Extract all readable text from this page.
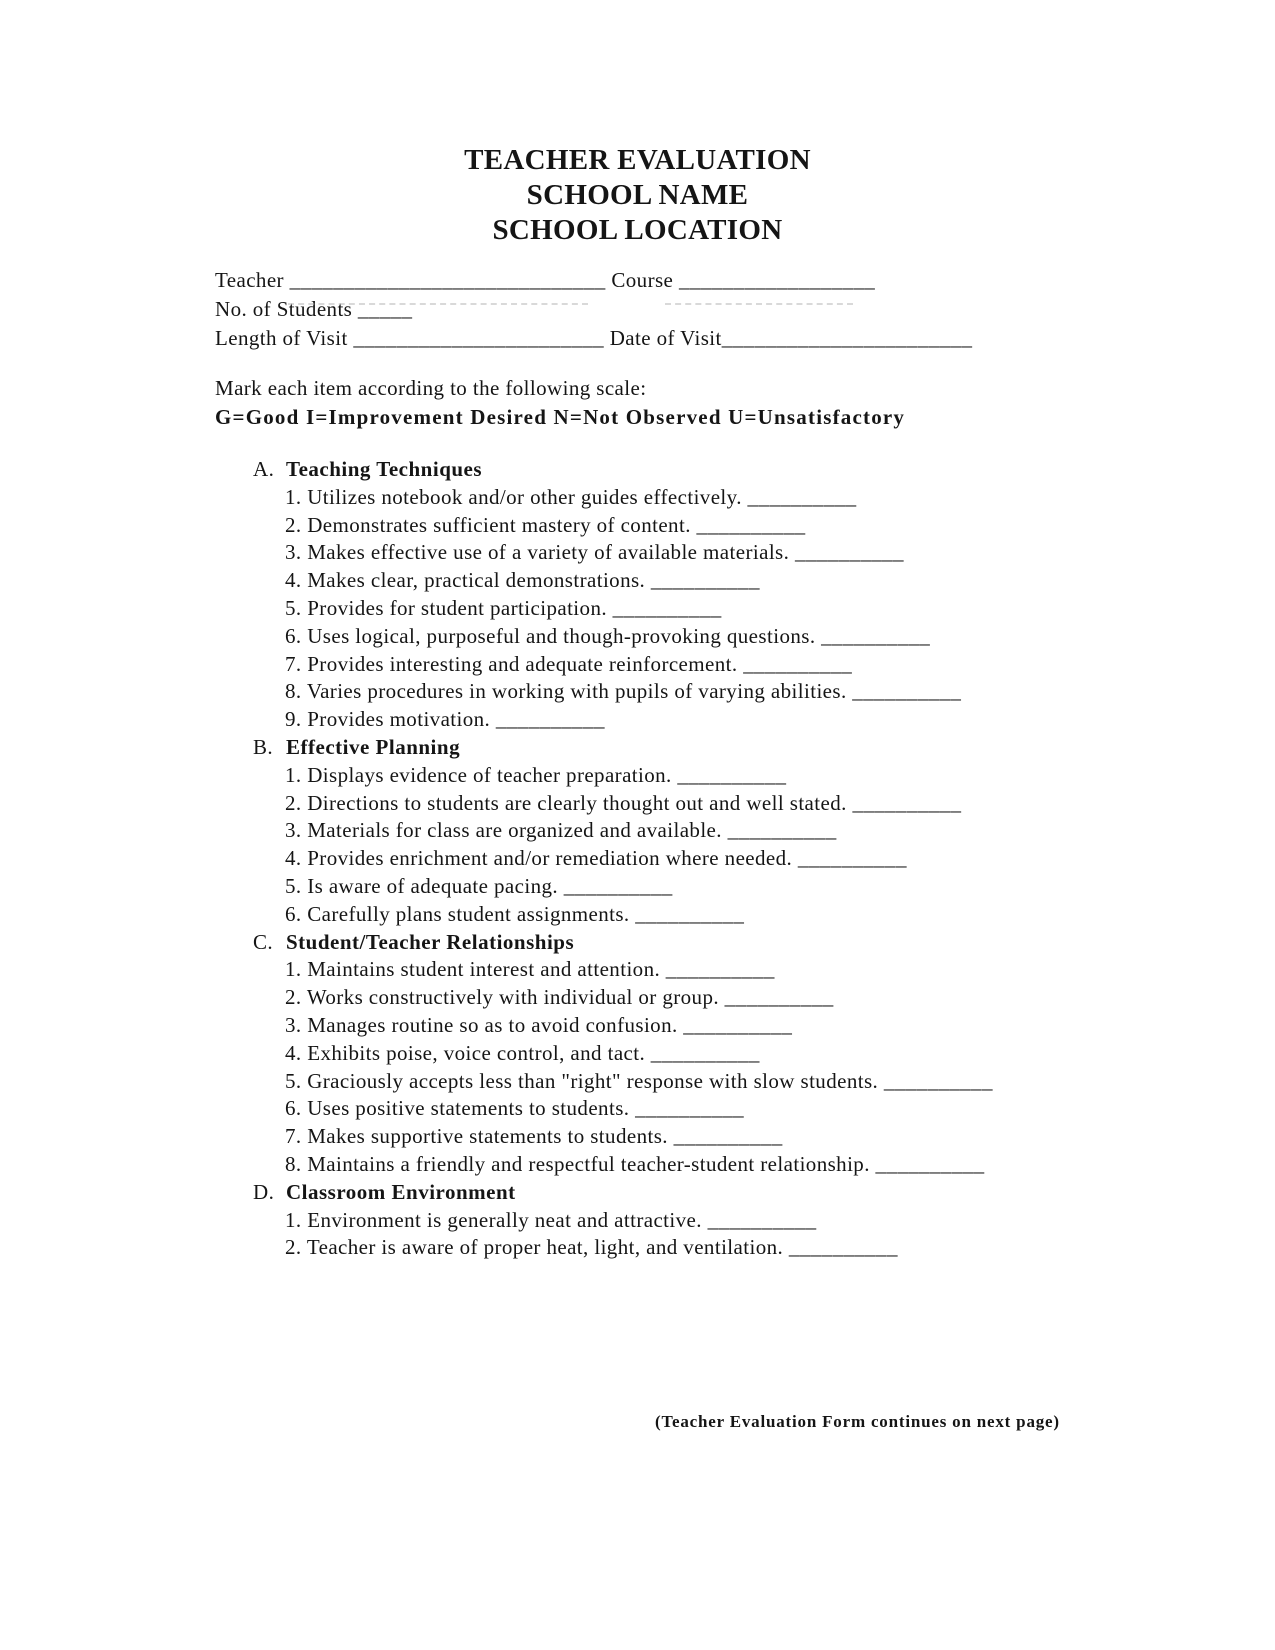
TEACHER EVALUATION
SCHOOL NAME
SCHOOL LOCATION
Teacher _____________________________ Course __________________
No. of Students _____
Length of Visit _______________________ Date of Visit_______________________
Mark each item according to the following scale:
G=Good I=Improvement Desired N=Not Observed U=Unsatisfactory
A. Teaching Techniques
1. Utilizes notebook and/or other guides effectively. __________
2. Demonstrates sufficient mastery of content. __________
3. Makes effective use of a variety of available materials. __________
4. Makes clear, practical demonstrations. __________
5. Provides for student participation. __________
6. Uses logical, purposeful and though-provoking questions. __________
7. Provides interesting and adequate reinforcement. __________
8. Varies procedures in working with pupils of varying abilities. __________
9. Provides motivation. __________
B. Effective Planning
1. Displays evidence of teacher preparation. __________
2. Directions to students are clearly thought out and well stated. __________
3. Materials for class are organized and available. __________
4. Provides enrichment and/or remediation where needed. __________
5. Is aware of adequate pacing. __________
6. Carefully plans student assignments. __________
C. Student/Teacher Relationships
1. Maintains student interest and attention. __________
2. Works constructively with individual or group. __________
3. Manages routine so as to avoid confusion. __________
4. Exhibits poise, voice control, and tact. __________
5. Graciously accepts less than "right" response with slow students. __________
6. Uses positive statements to students. __________
7. Makes supportive statements to students. __________
8. Maintains a friendly and respectful teacher-student relationship. __________
D. Classroom Environment
1. Environment is generally neat and attractive. __________
2. Teacher is aware of proper heat, light, and ventilation. __________
(Teacher Evaluation Form continues on next page)
